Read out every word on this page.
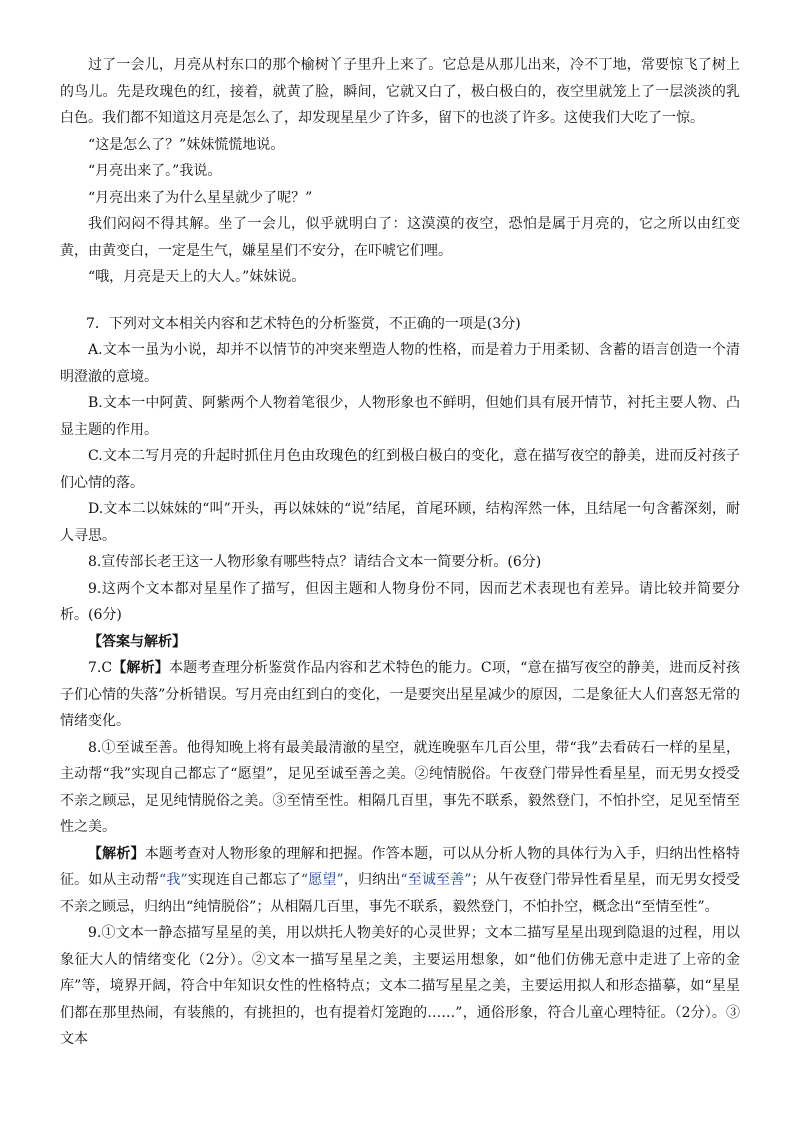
过了一会儿，月亮从村东口的那个榆树丫子里升上来了。它总是从那儿出来，冷不丁地，常要惊飞了树上的鸟儿。先是玫瑰色的红，接着，就黄了脸，瞬间，它就又白了，极白极白的，夜空里就笼上了一层淡淡的乳白色。我们都不知道这月亮是怎么了，却发现星星少了许多，留下的也淡了许多。这使我们大吃了一惊。

“这是怎么了？”妹妹慌慌地说。

“月亮出来了。”我说。

“月亮出来了为什么星星就少了呢？”

我们闷闷不得其解。坐了一会儿，似乎就明白了：这漠漠的夜空，恐怕是属于月亮的，它之所以由红变黄，由黄变白，一定是生气，嫌星星们不安分，在吓唬它们哩。

“哦，月亮是天上的大人。”妹妹说。

7．下列对文本相关内容和艺术特色的分析鉴赏，不正确的一项是(3分)

A.文本一虽为小说，却并不以情节的冲突来塑造人物的性格，而是着力于用柔韧、含蓄的语言创造一个清明澄澈的意境。

B.文本一中阿黄、阿紫两个人物着笔很少，人物形象也不鲜明，但她们具有展开情节，衬托主要人物、凸显主题的作用。

C.文本二写月亮的升起时抓住月色由玫瑰色的红到极白极白的变化，意在描写夜空的静美，进而反衬孩子们心情的落。

D.文本二以妹妹的“叫”开头，再以妹妹的“说”结尾，首尾环顾，结构浑然一体，且结尾一句含蓄深刻，耐人寻思。

8.宣传部长老王这一人物形象有哪些特点？请结合文本一简要分析。(6分)

9.这两个文本都对星星作了描写，但因主题和人物身份不同，因而艺术表现也有差异。请比较并简要分析。(6分)

【答案与解析】

7.C【解析】本题考查理分析鉴赏作品内容和艺术特色的能力。C项，“意在描写夜空的静美，进而反衬孩子们心情的失落”分析错误。写月亮由红到白的变化，一是要突出星星减少的原因，二是象征大人们喜怒无常的情绪变化。

8.①至诚至善。他得知晚上将有最美最清澈的星空，就连晚驱车几百公里，带“我”去看砖石一样的星星，主动帮“我”实现自己都忘了“愿望”，足见至诚至善之美。②纯情脱俗。午夜登门带异性看星星，而无男女授受不亲之顾忌，足见纯情脱俗之美。③至情至性。相隔几百里，事先不联系，毅然登门，不怕扑空，足见至情至性之美。

【解析】本题考查对人物形象的理解和把握。作答本题，可以从分析人物的具体行为入手，归纳出性格特征。如从主动帮“我”实现连自己都忘了“愿望”，归纳出“至诚至善”；从午夜登门带异性看星星，而无男女授受不亲之顾忌，归纳出“纯情脱俗”；从相隔几百里，事先不联系，毅然登门，不怕扑空，概念出“至情至性”。

9.①文本一静态描写星星的美，用以烘托人物美好的心灵世界；文本二描写星星出现到隐退的过程，用以象征大人的情绪变化（2分）。②文本一描写星星之美，主要运用想象，如“他们仿佛无意中走进了上帝的金库”等，境界开阔，符合中年知识女性的性格特点；文本二描写星星之美，主要运用拟人和形态描摹，如“星星们都在那里热闹，有装熊的，有挑担的，也有提着灯笼跑的……”，通俗形象，符合儿童心理特征。（2分）。③文本
